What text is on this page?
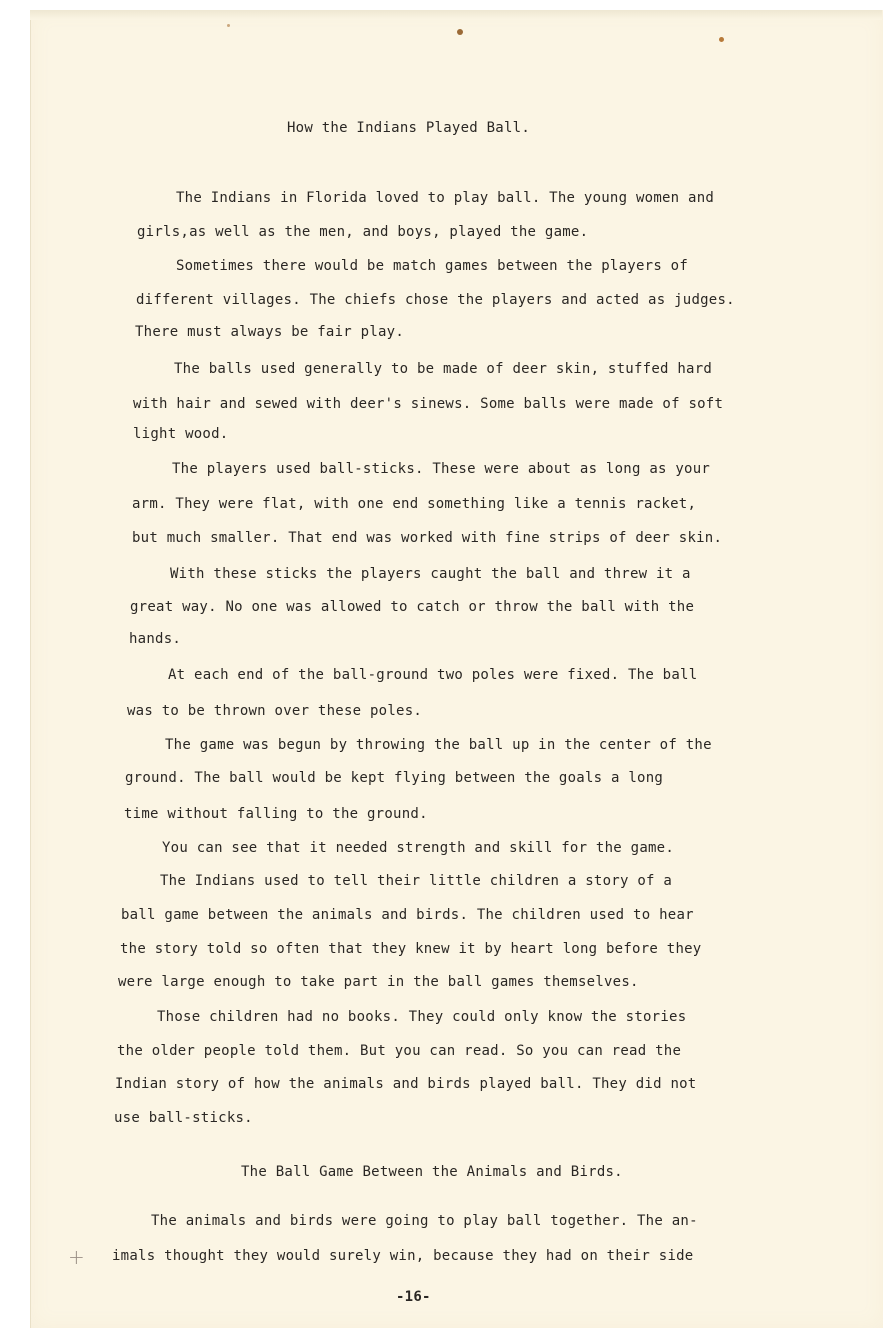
How the Indians Played Ball.

The Indians in Florida loved to play ball. The young women and

girls,as well as the men, and boys, played the game.

Sometimes there would be match games between the players of

different villages. The chiefs chose the players and acted as judges.

There must always be fair play.

The balls used generally to be made of deer skin, stuffed hard

with hair and sewed with deer's sinews. Some balls were made of soft

light wood.

The players used ball-sticks. These were about as long as your

arm. They were flat, with one end something like a tennis racket,

but much smaller. That end was worked with fine strips of deer skin.

With these sticks the players caught the ball and threw it a

great way. No one was allowed to catch or throw the ball with the

hands.

At each end of the ball-ground two poles were fixed. The ball

was to be thrown over these poles.

The game was begun by throwing the ball up in the center of the

ground. The ball would be kept flying between the goals a long

time without falling to the ground.

You can see that it needed strength and skill for the game.

The Indians used to tell their little children a story of a

ball game between the animals and birds. The children used to hear

the story told so often that they knew it by heart long before they

were large enough to take part in the ball games themselves.

Those children had no books. They could only know the stories

the older people told them. But you can read. So you can read the

Indian story of how the animals and birds played ball. They did not

use ball-sticks.

The Ball Game Between the Animals and Birds.

The animals and birds were going to play ball together. The an-

imals thought they would surely win, because they had on their side

+

-16-
